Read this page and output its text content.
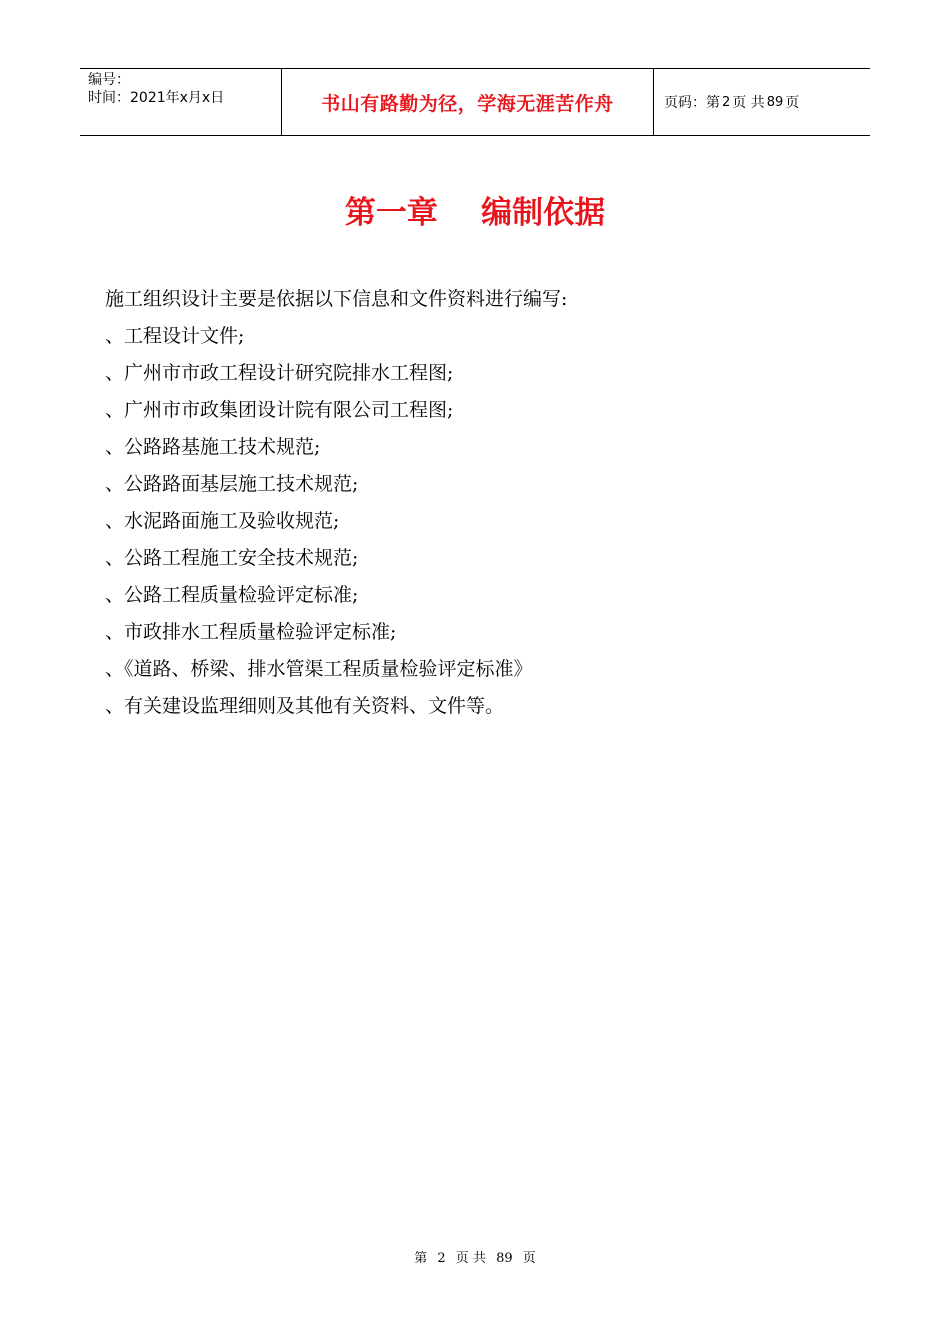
编号：
时间：2021年x月x日	书山有路勤为径，学海无涯苦作舟	页码：第 2 页 共 89 页
第一章    编制依据
施工组织设计主要是依据以下信息和文件资料进行编写:
、工程设计文件;
、广州市市政工程设计研究院排水工程图;
、广州市市政集团设计院有限公司工程图;
、公路路基施工技术规范;
、公路路面基层施工技术规范;
、水泥路面施工及验收规范;
、公路工程施工安全技术规范;
、公路工程质量检验评定标准;
、市政排水工程质量检验评定标准;
、《道路、桥梁、排水管渠工程质量检验评定标准》
、有关建设监理细则及其他有关资料、文件等。
第 2 页 共 89 页
